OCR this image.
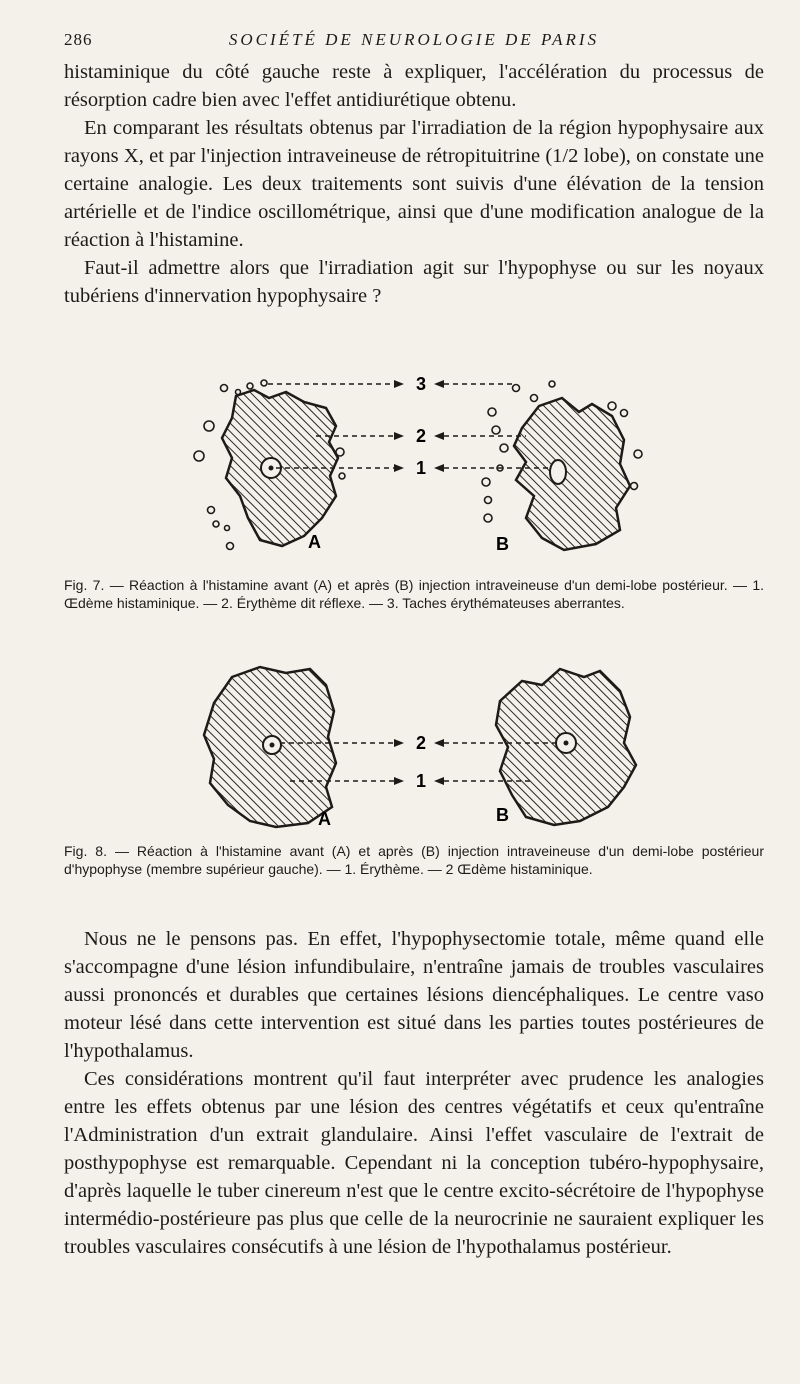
286	SOCIÉTÉ DE NEUROLOGIE DE PARIS

histaminique du côté gauche reste à expliquer, l'accélération du processus de résorption cadre bien avec l'effet antidiurétique obtenu.

En comparant les résultats obtenus par l'irradiation de la région hypophysaire aux rayons X, et par l'injection intraveineuse de rétropituitrine (1/2 lobe), on constate une certaine analogie. Les deux traitements sont suivis d'une élévation de la tension artérielle et de l'indice oscillométrique, ainsi que d'une modification analogue de la réaction à l'histamine.

Faut-il admettre alors que l'irradiation agit sur l'hypophyse ou sur les noyaux tubériens d'innervation hypophysaire ?

3
2
1
A	B
Fig. 7. — Réaction à l'histamine avant (A) et après (B) injection intraveineuse d'un demi-lobe postérieur. — 1. Œdème histaminique. — 2. Érythème dit réflexe. — 3. Taches érythémateuses aberrantes.
2
1
A	B
Fig. 8. — Réaction à l'histamine avant (A) et après (B) injection intraveineuse d'un demi-lobe postérieur d'hypophyse (membre supérieur gauche). — 1. Érythème. — 2 Œdème histaminique.

Nous ne le pensons pas. En effet, l'hypophysectomie totale, même quand elle s'accompagne d'une lésion infundibulaire, n'entraîne jamais de troubles vasculaires aussi prononcés et durables que certaines lésions diencéphaliques. Le centre vaso moteur lésé dans cette intervention est situé dans les parties toutes postérieures de l'hypothalamus.

Ces considérations montrent qu'il faut interpréter avec prudence les analogies entre les effets obtenus par une lésion des centres végétatifs et ceux qu'entraîne l'Administration d'un extrait glandulaire. Ainsi l'effet vasculaire de l'extrait de posthypophyse est remarquable. Cependant ni la conception tubéro-hypophysaire, d'après laquelle le tuber cinereum n'est que le centre excito-sécrétoire de l'hypophyse intermédio-postérieure pas plus que celle de la neurocrinie ne sauraient expliquer les troubles vasculaires consécutifs à une lésion de l'hypothalamus postérieur.
